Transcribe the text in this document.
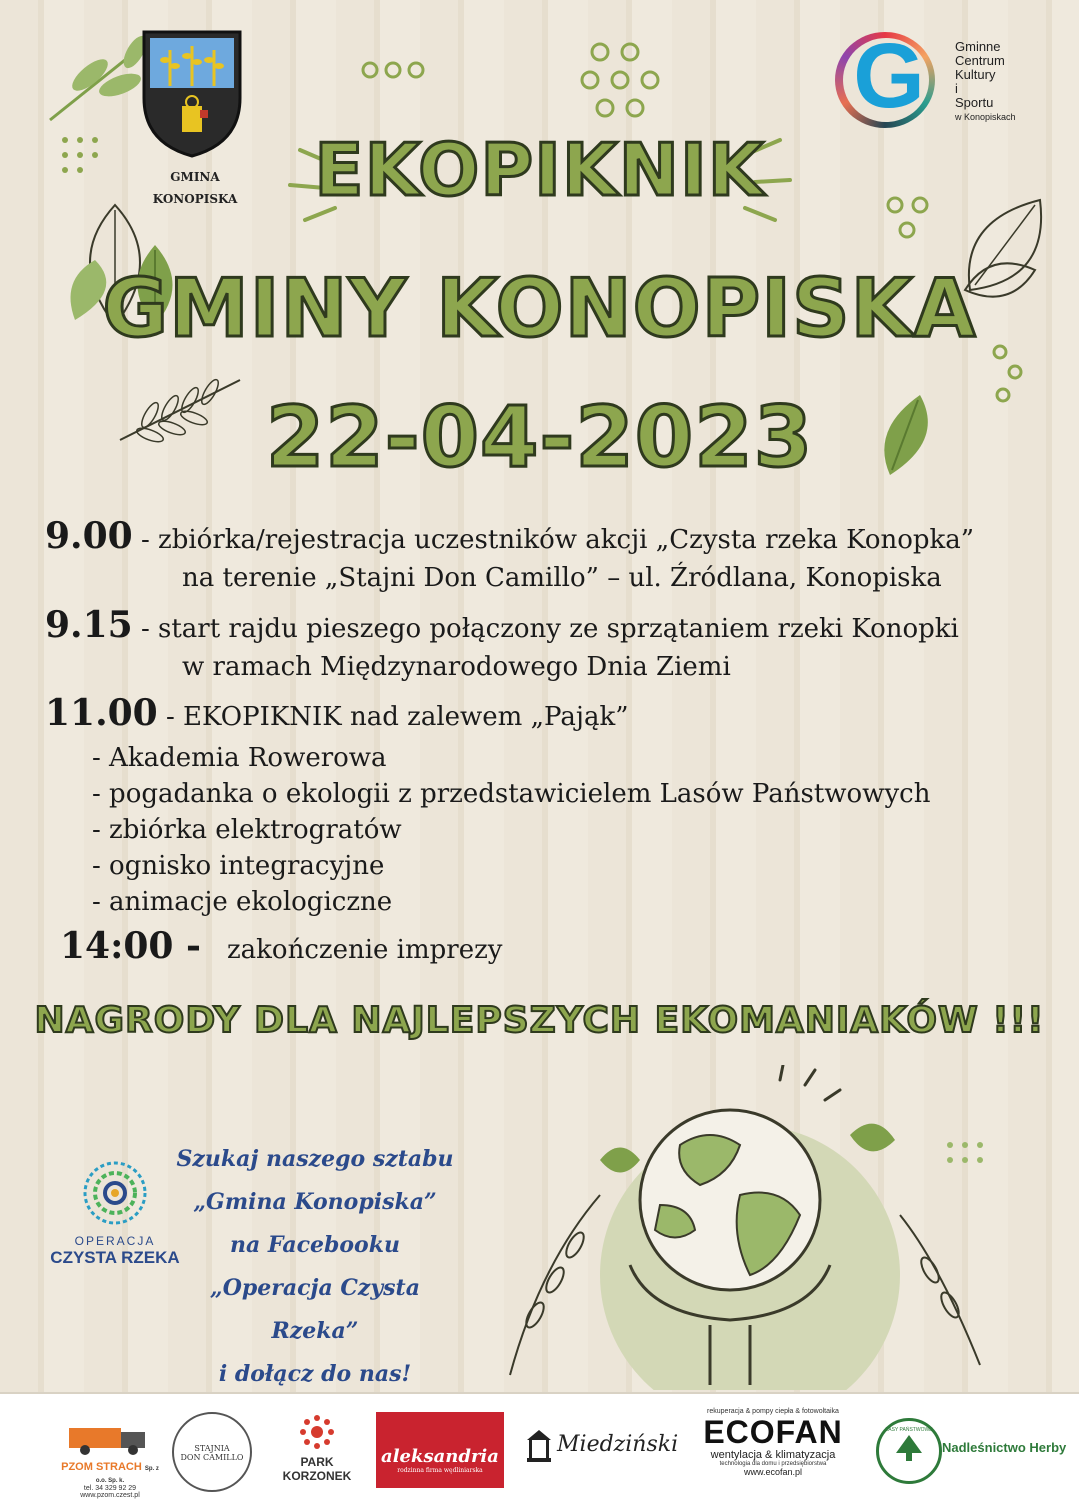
GMINA
KONOPISKA
G	Gminne
Centrum
Kultury
i
Sportu
w Konopiskach
EKOPIKNIK
GMINY KONOPISKA
22-04-2023
9.00 - zbiórka/rejestracja uczestników akcji „Czysta rzeka Konopka”
na terenie „Stajni Don Camillo” – ul. Źródlana, Konopiska
9.15 - start rajdu pieszego połączony ze sprzątaniem rzeki Konopki
w ramach Międzynarodowego Dnia Ziemi
11.00 - EKOPIKNIK nad zalewem „Pająk”
- Akademia Rowerowa
- pogadanka o ekologii z przedstawicielem Lasów Państwowych
- zbiórka elektrogratów
- ognisko integracyjne
- animacje ekologiczne
14:00 - zakończenie imprezy
NAGRODY DLA NAJLEPSZYCH EKOMANIAKÓW !!!
OPERACJA
CZYSTA RZEKA
Szukaj naszego sztabu
„Gmina Konopiska”
na Facebooku
„Operacja Czysta Rzeka”
i dołącz do nas!
PZOM STRACH Sp. z o.o. Sp. k.
tel. 34 329 92 29
www.pzom.czest.pl
STAJNIA
DON CAMILLO	PARK
KORZONEK
aleksandria
rodzinna firma wędliniarska
Miedziński
rekuperacja & pompy ciepła & fotowoltaika
ECOFAN
wentylacja & klimatyzacja
technologia dla domu i przedsiębiorstwa
www.ecofan.pl
LASY PAŃSTWOWE
Nadleśnictwo Herby
